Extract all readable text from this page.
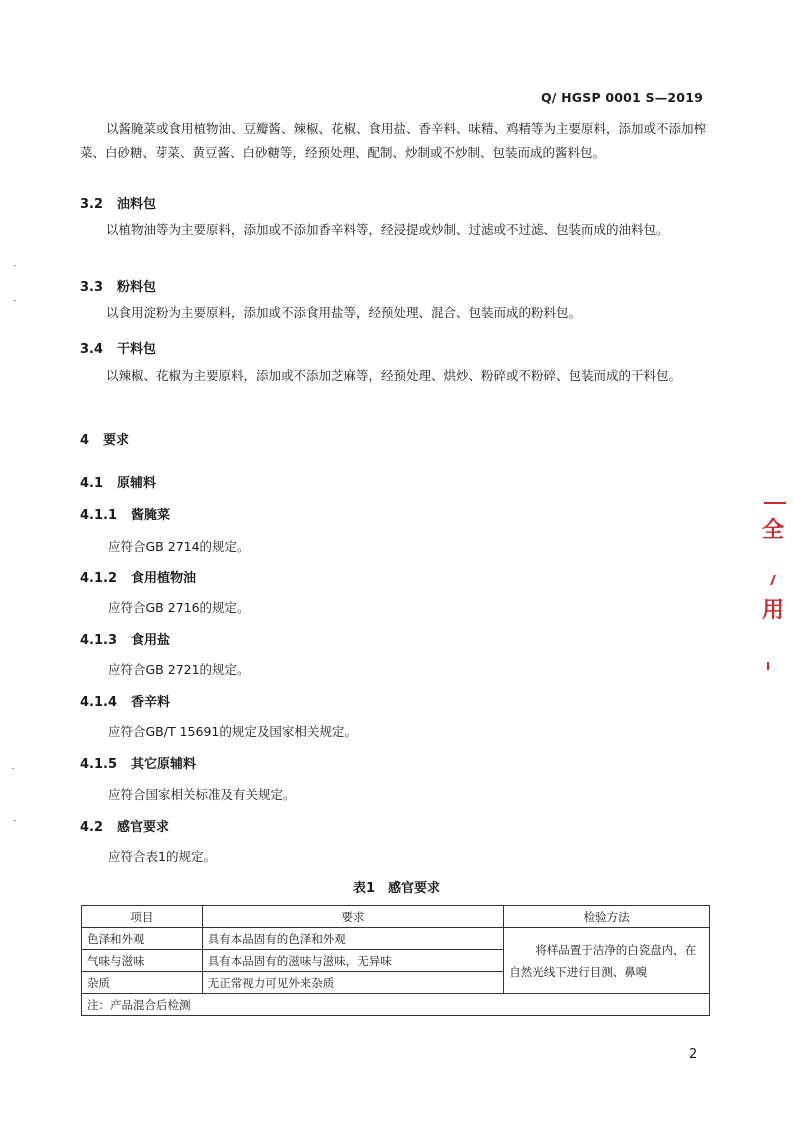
Q/ HGSP 0001 S—2019
以酱腌菜或食用植物油、豆瓣酱、辣椒、花椒、食用盐、香辛料、味精、鸡精等为主要原料，添加或不添加榨菜、白砂糖、芽菜、黄豆酱、白砂糖等，经预处理、配制、炒制或不炒制、包装而成的酱料包。
3.2 油料包
以植物油等为主要原料，添加或不添加香辛料等，经浸提或炒制、过滤或不过滤、包装而成的油料包。
3.3 粉料包
以食用淀粉为主要原料，添加或不添食用盐等，经预处理、混合、包装而成的粉料包。
3.4 干料包
以辣椒、花椒为主要原料，添加或不添加芝麻等，经预处理、烘炒、粉碎或不粉碎、包装而成的干料包。
4 要求
4.1 原辅料
4.1.1 酱腌菜
应符合GB 2714的规定。
4.1.2 食用植物油
应符合GB 2716的规定。
4.1.3 食用盐
应符合GB 2721的规定。
4.1.4 香辛料
应符合GB/T 15691的规定及国家相关规定。
4.1.5 其它原辅料
应符合国家相关标准及有关规定。
4.2 感官要求
应符合表1的规定。
表1　感官要求
项目	要求	检验方法
色泽和外观	具有本品固有的色泽和外观	将样品置于洁净的白瓷盘内，在自然光线下进行目测、鼻嗅
气味与滋味	具有本品固有的滋味与滋味，无异味	
杂质	无正常视力可见外来杂质	
注：产品混合后检测		
2
全
用
